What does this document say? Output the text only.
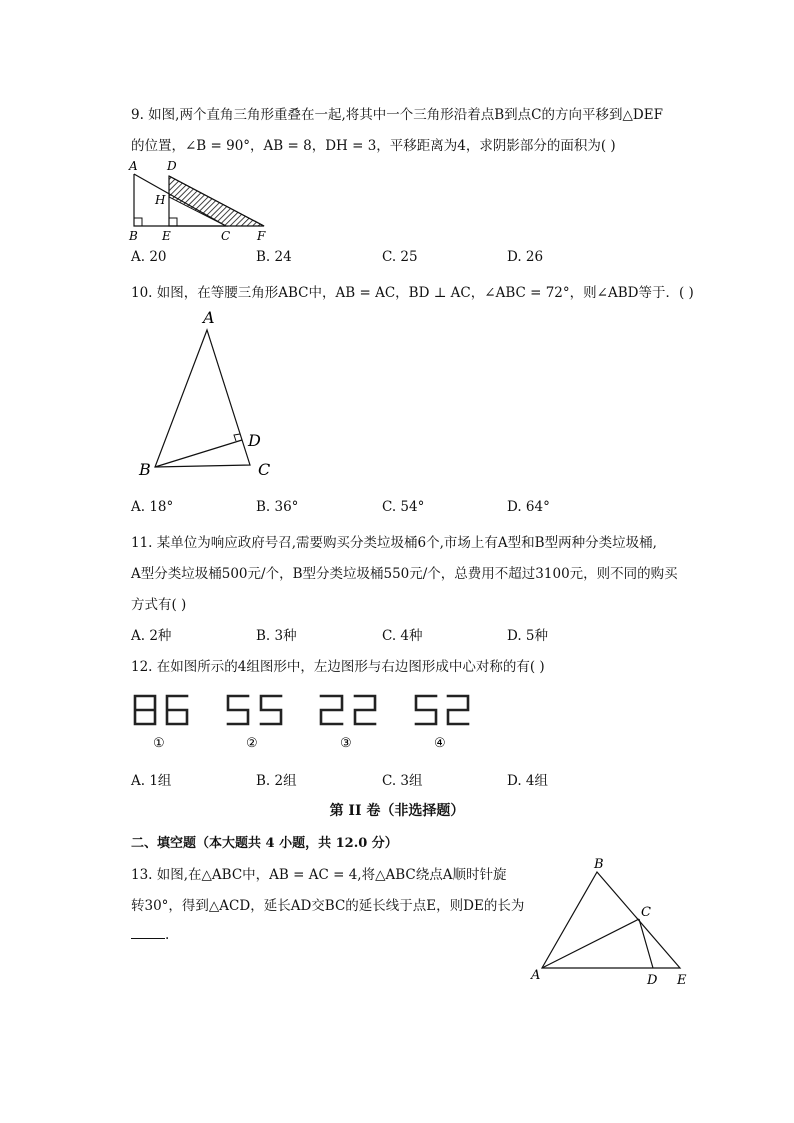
9. 如图,两个直角三角形重叠在一起,将其中一个三角形沿着点B到点C的方向平移到△DEF
的位置，∠B = 90°，AB = 8，DH = 3，平移距离为4，求阴影部分的面积为( )
A D
H
B E	C F
A. 20	B. 24	C. 25	D. 26
10. 如图，在等腰三角形ABC中，AB = AC，BD ⊥ AC，∠ABC = 72°，则∠ABD等于．( )
A
B	C
D
A. 18°	B. 36°	C. 54°	D. 64°
11. 某单位为响应政府号召,需要购买分类垃圾桶6个,市场上有A型和B型两种分类垃圾桶,
A型分类垃圾桶500元/个，B型分类垃圾桶550元/个，总费用不超过3100元，则不同的购买
方式有( )
A. 2种	B. 3种	C. 4种	D. 5种
12. 在如图所示的4组图形中，左边图形与右边图形成中心对称的有( )
①	②	③	④
A. 1组	B. 2组	C. 3组	D. 4组
第 II 卷（非选择题）
二、填空题（本大题共 4 小题，共 12.0 分）
13. 如图,在△ABC中，AB = AC = 4,将△ABC绕点A顺时针旋
转30°，得到△ACD，延长AD交BC的延长线于点E，则DE的长为
.
B
A
C
D E
